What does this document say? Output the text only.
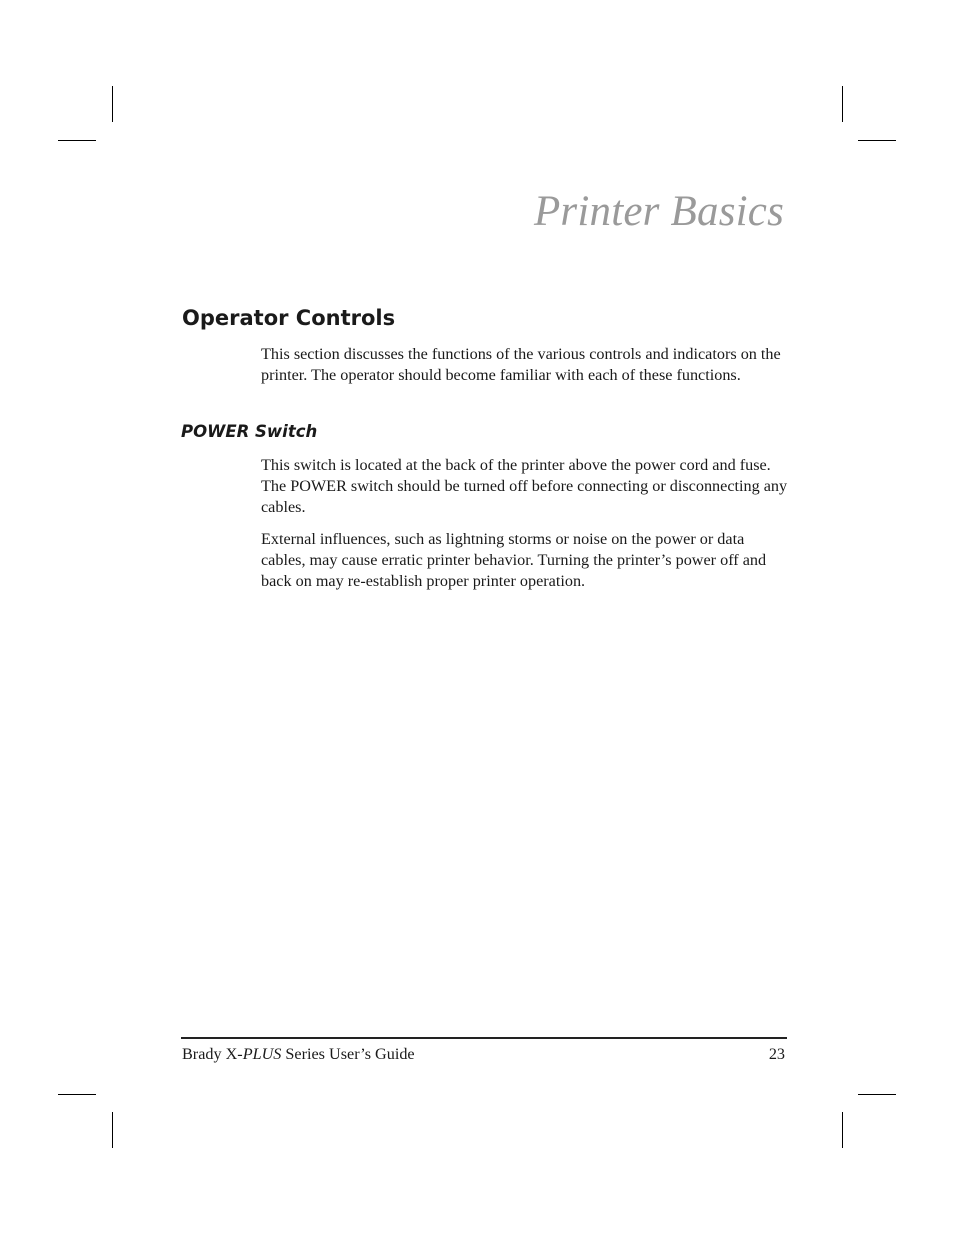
Printer Basics
Operator Controls

This section discusses the functions of the various controls and indicators on the printer. The operator should become familiar with each of these functions.

POWER Switch

This switch is located at the back of the printer above the power cord and fuse. The POWER switch should be turned off before connecting or disconnecting any cables.

External influences, such as lightning storms or noise on the power or data cables, may cause erratic printer behavior. Turning the printer’s power off and back on may re-establish proper printer operation.

Brady X-PLUS Series User’s Guide	23
